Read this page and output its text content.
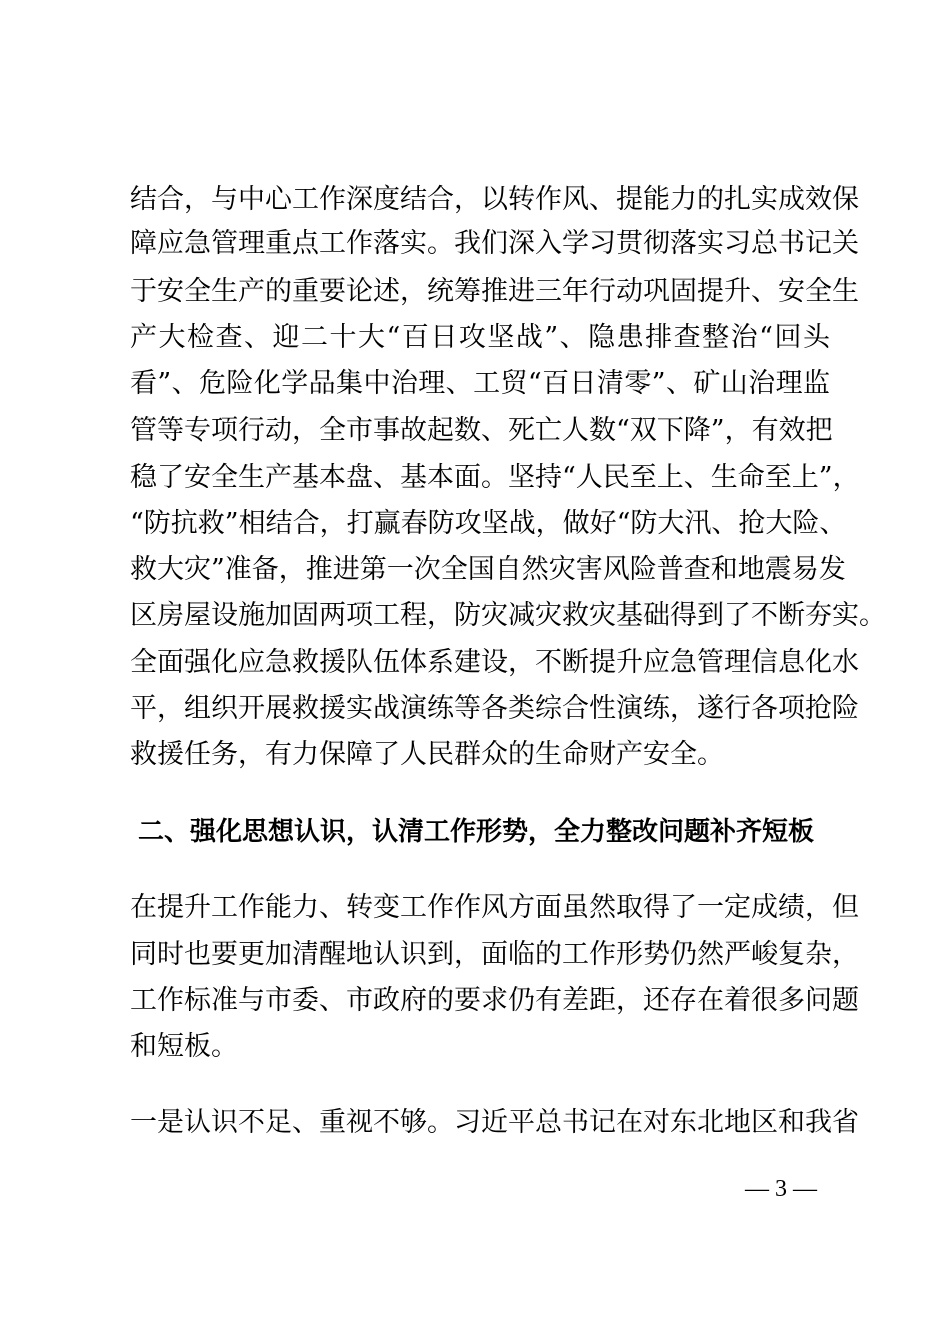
结合，与中心工作深度结合，以转作风、提能力的扎实成效保
障应急管理重点工作落实。我们深入学习贯彻落实习总书记关
于安全生产的重要论述，统筹推进三年行动巩固提升、安全生
产大检查、迎二十大“百日攻坚战”、隐患排查整治“回头
看”、危险化学品集中治理、工贸“百日清零”、矿山治理监
管等专项行动，全市事故起数、死亡人数“双下降”，有效把
稳了安全生产基本盘、基本面。坚持“人民至上、生命至上”，
“防抗救”相结合，打赢春防攻坚战，做好“防大汛、抢大险、
救大灾”准备，推进第一次全国自然灾害风险普查和地震易发
区房屋设施加固两项工程，防灾减灾救灾基础得到了不断夯实。
全面强化应急救援队伍体系建设，不断提升应急管理信息化水
平，组织开展救援实战演练等各类综合性演练，遂行各项抢险
救援任务，有力保障了人民群众的生命财产安全。
二、强化思想认识，认清工作形势，全力整改问题补齐短板
在提升工作能力、转变工作作风方面虽然取得了一定成绩，但
同时也要更加清醒地认识到，面临的工作形势仍然严峻复杂，
工作标准与市委、市政府的要求仍有差距，还存在着很多问题
和短板。
一是认识不足、重视不够。习近平总书记在对东北地区和我省
— 3 —
